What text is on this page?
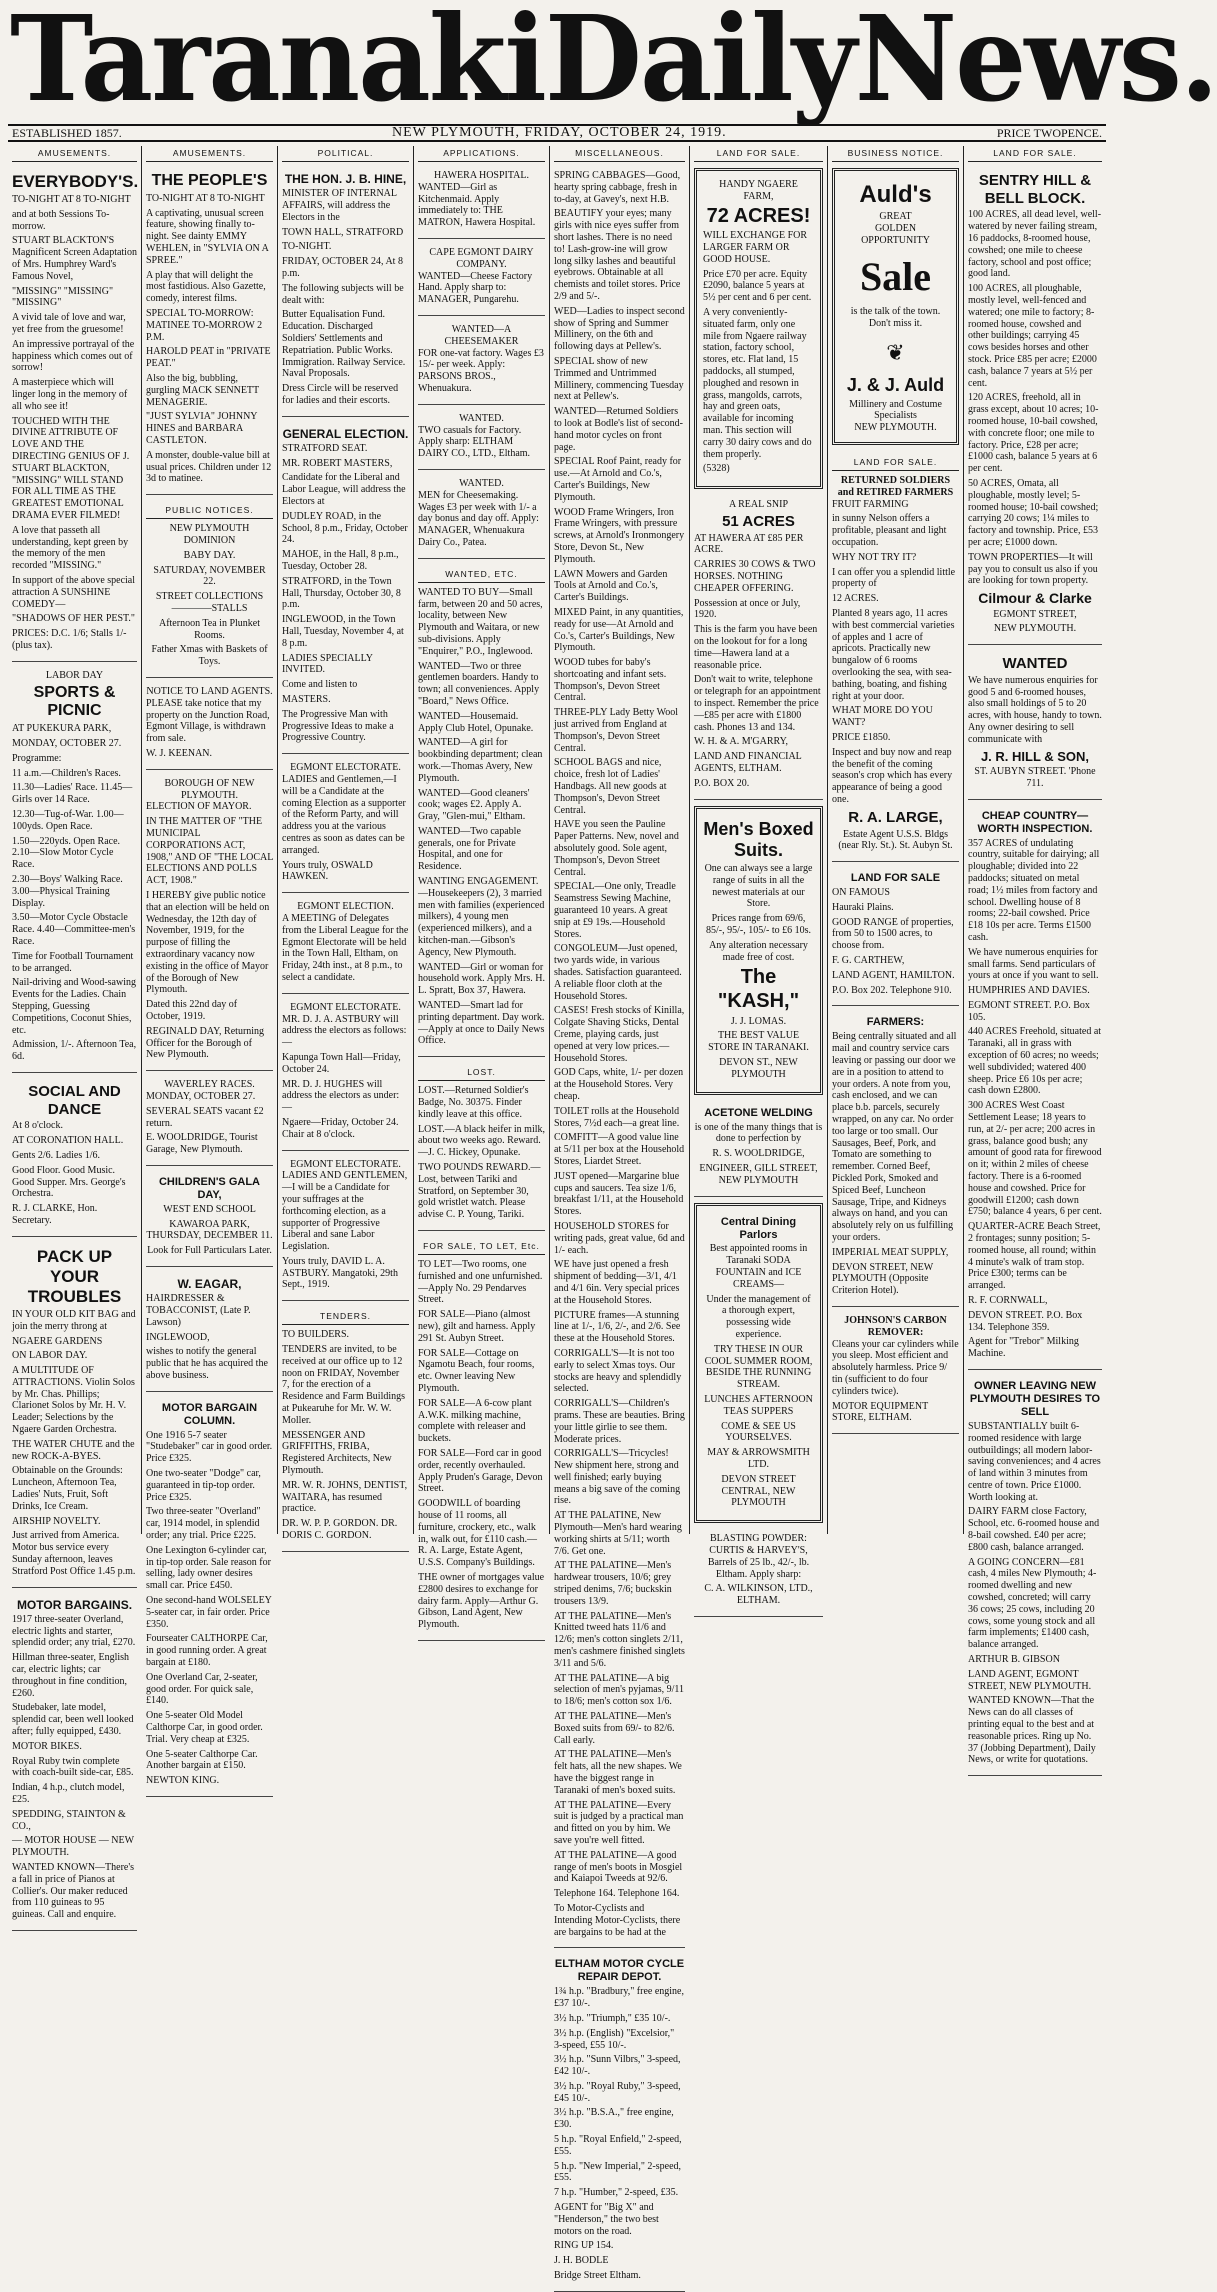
Taranaki Daily News.
ESTABLISHED 1857.	NEW PLYMOUTH, FRIDAY, OCTOBER 24, 1919.	PRICE TWOPENCE.
AMUSEMENTS.
EVERYBODY'S.

TO-NIGHT AT 8 TO-NIGHT

and at both Sessions To-morrow.

STUART BLACKTON'S Magnificent Screen Adaptation of Mrs. Humphrey Ward's Famous Novel,

"MISSING" "MISSING" "MISSING"

A vivid tale of love and war, yet free from the gruesome!

An impressive portrayal of the happiness which comes out of sorrow!

A masterpiece which will linger long in the memory of all who see it!

TOUCHED WITH THE DIVINE ATTRIBUTE OF LOVE AND THE DIRECTING GENIUS OF J. STUART BLACKTON, "MISSING" WILL STAND FOR ALL TIME AS THE GREATEST EMOTIONAL DRAMA EVER FILMED!

A love that passeth all understanding, kept green by the memory of the men recorded "MISSING."

In support of the above special attraction A SUNSHINE COMEDY—

"SHADOWS OF HER PEST."

PRICES: D.C. 1/6; Stalls 1/- (plus tax).

LABOR DAY
SPORTS & PICNIC

AT PUKEKURA PARK,

MONDAY, OCTOBER 27.

Programme:

11 a.m.—Children's Races.

11.30—Ladies' Race. 11.45—Girls over 14 Race.

12.30—Tug-of-War. 1.00—100yds. Open Race.

1.50—220yds. Open Race. 2.10—Slow Motor Cycle Race.

2.30—Boys' Walking Race. 3.00—Physical Training Display.

3.50—Motor Cycle Obstacle Race. 4.40—Committee-men's Race.

Time for Football Tournament to be arranged.

Nail-driving and Wood-sawing Events for the Ladies. Chain Stepping, Guessing Competitions, Coconut Shies, etc.

Admission, 1/-. Afternoon Tea, 6d.

SOCIAL AND DANCE

At 8 o'clock.

AT CORONATION HALL.

Gents 2/6. Ladies 1/6.

Good Floor. Good Music. Good Supper. Mrs. George's Orchestra.

R. J. CLARKE, Hon. Secretary.

PACK UP YOUR TROUBLES

IN YOUR OLD KIT BAG and join the merry throng at

NGAERE GARDENS

ON LABOR DAY.

A MULTITUDE OF ATTRACTIONS. Violin Solos by Mr. Chas. Phillips; Clarionet Solos by Mr. H. V. Leader; Selections by the Ngaere Garden Orchestra.

THE WATER CHUTE and the new ROCK-A-BYES.

Obtainable on the Grounds: Luncheon, Afternoon Tea, Ladies' Nuts, Fruit, Soft Drinks, Ice Cream.

AIRSHIP NOVELTY.

Just arrived from America. Motor bus service every Sunday afternoon, leaves Stratford Post Office 1.45 p.m.

MOTOR BARGAINS.

1917 three-seater Overland, electric lights and starter, splendid order; any trial, £270.

Hillman three-seater, English car, electric lights; car throughout in fine condition, £260.

Studebaker, late model, splendid car, been well looked after; fully equipped, £430.

MOTOR BIKES.

Royal Ruby twin complete with coach-built side-car, £85.

Indian, 4 h.p., clutch model, £25.

SPEDDING, STAINTON & CO.,

— MOTOR HOUSE — NEW PLYMOUTH.

WANTED KNOWN—There's a fall in price of Pianos at Collier's. Our maker reduced from 110 guineas to 95 guineas. Call and enquire.

AMUSEMENTS.
THE PEOPLE'S

TO-NIGHT AT 8 TO-NIGHT

A captivating, unusual screen feature, showing finally to-night. See dainty EMMY WEHLEN, in "SYLVIA ON A SPREE."

A play that will delight the most fastidious. Also Gazette, comedy, interest films.

SPECIAL TO-MORROW: MATINEE TO-MORROW 2 P.M.

HAROLD PEAT in "PRIVATE PEAT."

Also the big, bubbling, gurgling MACK SENNETT MENAGERIE.

"JUST SYLVIA" JOHNNY HINES and BARBARA CASTLETON.

A monster, double-value bill at usual prices. Children under 12 3d to matinee.

PUBLIC NOTICES.

NEW PLYMOUTH DOMINION

BABY DAY.

SATURDAY, NOVEMBER 22.

STREET COLLECTIONS————STALLS

Afternoon Tea in Plunket Rooms.

Father Xmas with Baskets of Toys.

NOTICE TO LAND AGENTS.

PLEASE take notice that my property on the Junction Road, Egmont Village, is withdrawn from sale.

W. J. KEENAN.

BOROUGH OF NEW PLYMOUTH.

ELECTION OF MAYOR.

IN THE MATTER OF "THE MUNICIPAL CORPORATIONS ACT, 1908," AND OF "THE LOCAL ELECTIONS AND POLLS ACT, 1908."

I HEREBY give public notice that an election will be held on Wednesday, the 12th day of November, 1919, for the purpose of filling the extraordinary vacancy now existing in the office of Mayor of the Borough of New Plymouth.

Dated this 22nd day of October, 1919.

REGINALD DAY, Returning Officer for the Borough of New Plymouth.

WAVERLEY RACES.

MONDAY, OCTOBER 27.

SEVERAL SEATS vacant £2 return.

E. WOOLDRIDGE, Tourist Garage, New Plymouth.

CHILDREN'S GALA DAY,

WEST END SCHOOL

KAWAROA PARK, THURSDAY, DECEMBER 11.

Look for Full Particulars Later.

W. EAGAR,

HAIRDRESSER & TOBACCONIST, (Late P. Lawson)

INGLEWOOD,

wishes to notify the general public that he has acquired the above business.

MOTOR BARGAIN COLUMN.

One 1916 5-7 seater "Studebaker" car in good order. Price £325.

One two-seater "Dodge" car, guaranteed in tip-top order. Price £325.

Two three-seater "Overland" car, 1914 model, in splendid order; any trial. Price £225.

One Lexington 6-cylinder car, in tip-top order. Sale reason for selling, lady owner desires small car. Price £450.

One second-hand WOLSELEY 5-seater car, in fair order. Price £350.

Fourseater CALTHORPE Car, in good running order. A great bargain at £180.

One Overland Car, 2-seater, good order. For quick sale, £140.

One 5-seater Old Model Calthorpe Car, in good order. Trial. Very cheap at £325.

One 5-seater Calthorpe Car. Another bargain at £150.

NEWTON KING.

POLITICAL.
THE HON. J. B. HINE,

MINISTER OF INTERNAL AFFAIRS, will address the Electors in the

TOWN HALL, STRATFORD

TO-NIGHT.

FRIDAY, OCTOBER 24, At 8 p.m.

The following subjects will be dealt with:

Butter Equalisation Fund. Education. Discharged Soldiers' Settlements and Repatriation. Public Works. Immigration. Railway Service. Naval Proposals.

Dress Circle will be reserved for ladies and their escorts.

GENERAL ELECTION.

STRATFORD SEAT.

MR. ROBERT MASTERS,

Candidate for the Liberal and Labor League, will address the Electors at

DUDLEY ROAD, in the School, 8 p.m., Friday, October 24.

MAHOE, in the Hall, 8 p.m., Tuesday, October 28.

STRATFORD, in the Town Hall, Thursday, October 30, 8 p.m.

INGLEWOOD, in the Town Hall, Tuesday, November 4, at 8 p.m.

LADIES SPECIALLY INVITED.

Come and listen to

MASTERS.

The Progressive Man with Progressive Ideas to make a Progressive Country.

EGMONT ELECTORATE.

LADIES and Gentlemen,—I will be a Candidate at the coming Election as a supporter of the Reform Party, and will address you at the various centres as soon as dates can be arranged.

Yours truly, OSWALD HAWKEN.

EGMONT ELECTION.

A MEETING of Delegates from the Liberal League for the Egmont Electorate will be held in the Town Hall, Eltham, on Friday, 24th inst., at 8 p.m., to select a candidate.

EGMONT ELECTORATE.

MR. D. J. A. ASTBURY will address the electors as follows:—

Kapunga Town Hall—Friday, October 24.

MR. D. J. HUGHES will address the electors as under:—

Ngaere—Friday, October 24. Chair at 8 o'clock.

EGMONT ELECTORATE.

LADIES AND GENTLEMEN,—I will be a Candidate for your suffrages at the forthcoming election, as a supporter of Progressive Liberal and sane Labor Legislation.

Yours truly, DAVID L. A. ASTBURY. Mangatoki, 29th Sept., 1919.

TENDERS.

TO BUILDERS.

TENDERS are invited, to be received at our office up to 12 noon on FRIDAY, November 7, for the erection of a Residence and Farm Buildings at Pukearuhe for Mr. W. W. Moller.

MESSENGER AND GRIFFITHS, FRIBA, Registered Architects, New Plymouth.

MR. W. R. JOHNS, DENTIST, WAITARA, has resumed practice.

DR. W. P. P. GORDON. DR. DORIS C. GORDON.

APPLICATIONS.
HAWERA HOSPITAL.

WANTED—Girl as Kitchenmaid. Apply immediately to: THE MATRON, Hawera Hospital.

CAPE EGMONT DAIRY COMPANY.

WANTED—Cheese Factory Hand. Apply sharp to: MANAGER, Pungarehu.

WANTED—A CHEESEMAKER

FOR one-vat factory. Wages £3 15/- per week. Apply: PARSONS BROS., Whenuakura.

WANTED.

TWO casuals for Factory. Apply sharp: ELTHAM DAIRY CO., LTD., Eltham.

WANTED.

MEN for Cheesemaking. Wages £3 per week with 1/- a day bonus and day off. Apply: MANAGER, Whenuakura Dairy Co., Patea.

WANTED, ETC.

WANTED TO BUY—Small farm, between 20 and 50 acres, locality, between New Plymouth and Waitara, or new sub-divisions. Apply "Enquirer," P.O., Inglewood.

WANTED—Two or three gentlemen boarders. Handy to town; all conveniences. Apply "Board," News Office.

WANTED—Housemaid. Apply Club Hotel, Opunake.

WANTED—A girl for bookbinding department; clean work.—Thomas Avery, New Plymouth.

WANTED—Good cleaners' cook; wages £2. Apply A. Gray, "Glen-mui," Eltham.

WANTED—Two capable generals, one for Private Hospital, and one for Residence.

WANTING ENGAGEMENT.—Housekeepers (2), 3 married men with families (experienced milkers), 4 young men (experienced milkers), and a kitchen-man.—Gibson's Agency, New Plymouth.

WANTED—Girl or woman for household work. Apply Mrs. H. L. Spratt, Box 37, Hawera.

WANTED—Smart lad for printing department. Day work.—Apply at once to Daily News Office.

LOST.

LOST.—Returned Soldier's Badge, No. 30375. Finder kindly leave at this office.

LOST.—A black heifer in milk, about two weeks ago. Reward.—J. C. Hickey, Opunake.

TWO POUNDS REWARD.—Lost, between Tariki and Stratford, on September 30, gold wristlet watch. Please advise C. P. Young, Tariki.

FOR SALE, TO LET, Etc.

TO LET—Two rooms, one furnished and one unfurnished.—Apply No. 29 Pendarves Street.

FOR SALE—Piano (almost new), gilt and harness. Apply 291 St. Aubyn Street.

FOR SALE—Cottage on Ngamotu Beach, four rooms, etc. Owner leaving New Plymouth.

FOR SALE—A 6-cow plant A.W.K. milking machine, complete with releaser and buckets.

FOR SALE—Ford car in good order, recently overhauled. Apply Pruden's Garage, Devon Street.

GOODWILL of boarding house of 11 rooms, all furniture, crockery, etc., walk in, walk out, for £110 cash.—R. A. Large, Estate Agent, U.S.S. Company's Buildings.

THE owner of mortgages value £2800 desires to exchange for dairy farm. Apply—Arthur G. Gibson, Land Agent, New Plymouth.

MISCELLANEOUS.

SPRING CABBAGES—Good, hearty spring cabbage, fresh in to-day, at Gavey's, next H.B.

BEAUTIFY your eyes; many girls with nice eyes suffer from short lashes. There is no need to! Lash-grow-ine will grow long silky lashes and beautiful eyebrows. Obtainable at all chemists and toilet stores. Price 2/9 and 5/-.

WED—Ladies to inspect second show of Spring and Summer Millinery, on the 6th and following days at Pellew's.

SPECIAL show of new Trimmed and Untrimmed Millinery, commencing Tuesday next at Pellew's.

WANTED—Returned Soldiers to look at Bodle's list of second-hand motor cycles on front page.

SPECIAL Roof Paint, ready for use.—At Arnold and Co.'s, Carter's Buildings, New Plymouth.

WOOD Frame Wringers, Iron Frame Wringers, with pressure screws, at Arnold's Ironmongery Store, Devon St., New Plymouth.

LAWN Mowers and Garden Tools at Arnold and Co.'s, Carter's Buildings.

MIXED Paint, in any quantities, ready for use—At Arnold and Co.'s, Carter's Buildings, New Plymouth.

WOOD tubes for baby's shortcoating and infant sets. Thompson's, Devon Street Central.

THREE-PLY Lady Betty Wool just arrived from England at Thompson's, Devon Street Central.

SCHOOL BAGS and nice, choice, fresh lot of Ladies' Handbags. All new goods at Thompson's, Devon Street Central.

HAVE you seen the Pauline Paper Patterns. New, novel and absolutely good. Sole agent, Thompson's, Devon Street Central.

SPECIAL—One only, Treadle Seamstress Sewing Machine, guaranteed 10 years. A great snip at £9 19s.—Household Stores.

CONGOLEUM—Just opened, two yards wide, in various shades. Satisfaction guaranteed. A reliable floor cloth at the Household Stores.

CASES! Fresh stocks of Kinilla, Colgate Shaving Sticks, Dental Creme, playing cards, just opened at very low prices.—Household Stores.

GOD Caps, white, 1/- per dozen at the Household Stores. Very cheap.

TOILET rolls at the Household Stores, 7½d each—a great line.

COMFITT—A good value line at 5/11 per box at the Household Stores, Liardet Street.

JUST opened—Margarine blue cups and saucers. Tea size 1/6, breakfast 1/11, at the Household Stores.

HOUSEHOLD STORES for writing pads, great value, 6d and 1/- each.

WE have just opened a fresh shipment of bedding—3/1, 4/1 and 4/1 6in. Very special prices at the Household Stores.

PICTURE frames—A stunning line at 1/-, 1/6, 2/-, and 2/6. See these at the Household Stores.

CORRIGALL'S—It is not too early to select Xmas toys. Our stocks are heavy and splendidly selected.

CORRIGALL'S—Children's prams. These are beauties. Bring your little girlie to see them. Moderate prices.

CORRIGALL'S—Tricycles! New shipment here, strong and well finished; early buying means a big save of the coming rise.

AT THE PALATINE, New Plymouth—Men's hard wearing working shirts at 5/11; worth 7/6. Get one.

AT THE PALATINE—Men's hardwear trousers, 10/6; grey striped denims, 7/6; buckskin trousers 13/9.

AT THE PALATINE—Men's Knitted tweed hats 11/6 and 12/6; men's cotton singlets 2/11, men's cashmere finished singlets 3/11 and 5/6.

AT THE PALATINE—A big selection of men's pyjamas, 9/11 to 18/6; men's cotton sox 1/6.

AT THE PALATINE—Men's Boxed suits from 69/- to 82/6. Call early.

AT THE PALATINE—Men's felt hats, all the new shapes. We have the biggest range in Taranaki of men's boxed suits.

AT THE PALATINE—Every suit is judged by a practical man and fitted on you by him. We save you're well fitted.

AT THE PALATINE—A good range of men's boots in Mosgiel and Kaiapoi Tweeds at 92/6.

Telephone 164. Telephone 164.

To Motor-Cyclists and Intending Motor-Cyclists, there are bargains to be had at the

ELTHAM MOTOR CYCLE REPAIR DEPOT.

1¾ h.p. "Bradbury," free engine, £37 10/-.

3½ h.p. "Triumph," £35 10/-.

3½ h.p. (English) "Excelsior," 3-speed, £55 10/-.

3½ h.p. "Sunn Vilbrs," 3-speed, £42 10/-.

3½ h.p. "Royal Ruby," 3-speed, £45 10/-.

3½ h.p. "B.S.A.," free engine, £30.

5 h.p. "Royal Enfield," 2-speed, £55.

5 h.p. "New Imperial," 2-speed, £55.

7 h.p. "Humber," 2-speed, £35.

AGENT for "Big X" and "Henderson," the two best motors on the road.

RING UP 154.

J. H. BODLE

Bridge Street Eltham.

LAND FOR SALE.
HANDY NGAERE FARM,
72 ACRES!

WILL EXCHANGE FOR LARGER FARM OR GOOD HOUSE.

Price £70 per acre. Equity £2090, balance 5 years at 5½ per cent and 6 per cent.

A very conveniently-situated farm, only one mile from Ngaere railway station, factory school, stores, etc. Flat land, 15 paddocks, all stumped, ploughed and resown in grass, mangolds, carrots, hay and green oats, available for incoming man. This section will carry 30 dairy cows and do them properly.

(5328)

A REAL SNIP
51 ACRES

AT HAWERA AT £85 PER ACRE.

CARRIES 30 COWS & TWO HORSES. NOTHING CHEAPER OFFERING.

Possession at once or July, 1920.

This is the farm you have been on the lookout for for a long time—Hawera land at a reasonable price.

Don't wait to write, telephone or telegraph for an appointment to inspect. Remember the price—£85 per acre with £1800 cash. Phones 13 and 134.

W. H. & A. M'GARRY,

LAND AND FINANCIAL AGENTS, ELTHAM.

P.O. BOX 20.

Men's Boxed Suits.

One can always see a large range of suits in all the newest materials at our Store.

Prices range from 69/6, 85/-, 95/-, 105/- to £6 10s.

Any alteration necessary made free of cost.

The "KASH,"

J. J. LOMAS.

THE BEST VALUE STORE IN TARANAKI.

DEVON ST., NEW PLYMOUTH

ACETONE WELDING

is one of the many things that is done to perfection by

R. S. WOOLDRIDGE,

ENGINEER, GILL STREET, NEW PLYMOUTH

Central Dining Parlors

Best appointed rooms in Taranaki SODA FOUNTAIN and ICE CREAMS—

Under the management of a thorough expert, possessing wide experience.

TRY THESE IN OUR COOL SUMMER ROOM, BESIDE THE RUNNING STREAM.

LUNCHES AFTERNOON TEAS SUPPERS

COME & SEE US YOURSELVES.

MAY & ARROWSMITH LTD.

DEVON STREET CENTRAL, NEW PLYMOUTH

BLASTING POWDER:

CURTIS & HARVEY'S, Barrels of 25 lb., 42/-, lb. Eltham. Apply sharp:

C. A. WILKINSON, LTD., ELTHAM.

BUSINESS NOTICE.
Auld's
GREAT
GOLDEN
OPPORTUNITY
Sale
is the talk of the town.
Don't miss it.
❦
J. & J. Auld
Millinery and Costume Specialists
NEW PLYMOUTH.
LAND FOR SALE.
RETURNED SOLDIERS and RETIRED FARMERS

FRUIT FARMING

in sunny Nelson offers a profitable, pleasant and light occupation.

WHY NOT TRY IT?

I can offer you a splendid little property of

12 ACRES.

Planted 8 years ago, 11 acres with best commercial varieties of apples and 1 acre of apricots. Practically new bungalow of 6 rooms overlooking the sea, with sea-bathing, boating, and fishing right at your door.

WHAT MORE DO YOU WANT?

PRICE £1850.

Inspect and buy now and reap the benefit of the coming season's crop which has every appearance of being a good one.

R. A. LARGE,

Estate Agent U.S.S. Bldgs (near Rly. St.). St. Aubyn St.

LAND FOR SALE

ON FAMOUS

Hauraki Plains.

GOOD RANGE of properties, from 50 to 1500 acres, to choose from.

F. G. CARTHEW,

LAND AGENT, HAMILTON.

P.O. Box 202. Telephone 910.

FARMERS:

Being centrally situated and all mail and country service cars leaving or passing our door we are in a position to attend to your orders. A note from you, cash enclosed, and we can place b.b. parcels, securely wrapped, on any car. No order too large or too small. Our Sausages, Beef, Pork, and Tomato are something to remember. Corned Beef, Pickled Pork, Smoked and Spiced Beef, Luncheon Sausage, Tripe, and Kidneys always on hand, and you can absolutely rely on us fulfilling your orders.

IMPERIAL MEAT SUPPLY,

DEVON STREET, NEW PLYMOUTH (Opposite Criterion Hotel).

JOHNSON'S CARBON REMOVER:

Cleans your car cylinders while you sleep. Most efficient and absolutely harmless. Price 9/ tin (sufficient to do four cylinders twice).

MOTOR EQUIPMENT STORE, ELTHAM.

LAND FOR SALE.
SENTRY HILL & BELL BLOCK.

100 ACRES, all dead level, well-watered by never failing stream, 16 paddocks, 8-roomed house, cowshed; one mile to cheese factory, school and post office; good land.

100 ACRES, all ploughable, mostly level, well-fenced and watered; one mile to factory; 8-roomed house, cowshed and other buildings; carrying 45 cows besides horses and other stock. Price £85 per acre; £2000 cash, balance 7 years at 5½ per cent.

120 ACRES, freehold, all in grass except, about 10 acres; 10-roomed house, 10-bail cowshed, with concrete floor; one mile to factory. Price, £28 per acre; £1000 cash, balance 5 years at 6 per cent.

50 ACRES, Omata, all ploughable, mostly level; 5-roomed house; 10-bail cowshed; carrying 20 cows; 1¼ miles to factory and township. Price, £53 per acre; £1000 down.

TOWN PROPERTIES—It will pay you to consult us also if you are looking for town property.

Cilmour & Clarke

EGMONT STREET,

NEW PLYMOUTH.

WANTED

We have numerous enquiries for good 5 and 6-roomed houses, also small holdings of 5 to 20 acres, with house, handy to town. Any owner desiring to sell communicate with

J. R. HILL & SON,

ST. AUBYN STREET. 'Phone 711.

CHEAP COUNTRY—WORTH INSPECTION.

357 ACRES of undulating country, suitable for dairying; all ploughable; divided into 22 paddocks; situated on metal road; 1½ miles from factory and school. Dwelling house of 8 rooms; 22-bail cowshed. Price £18 10s per acre. Terms £1500 cash.

We have numerous enquiries for small farms. Send particulars of yours at once if you want to sell.

HUMPHRIES AND DAVIES.

EGMONT STREET. P.O. Box 105.

440 ACRES Freehold, situated at Taranaki, all in grass with exception of 60 acres; no weeds; well subdivided; watered 400 sheep. Price £6 10s per acre; cash down £2800.

300 ACRES West Coast Settlement Lease; 18 years to run, at 2/- per acre; 200 acres in grass, balance good bush; any amount of good rata for firewood on it; within 2 miles of cheese factory. There is a 6-roomed house and cowshed. Price for goodwill £1200; cash down £750; balance 4 years, 6 per cent.

QUARTER-ACRE Beach Street, 2 frontages; sunny position; 5-roomed house, all round; within 4 minute's walk of tram stop. Price £300; terms can be arranged.

R. F. CORNWALL,

DEVON STREET. P.O. Box 134. Telephone 359.

Agent for "Trebor" Milking Machine.

OWNER LEAVING NEW PLYMOUTH DESIRES TO SELL

SUBSTANTIALLY built 6-roomed residence with large outbuildings; all modern labor-saving conveniences; and 4 acres of land within 3 minutes from centre of town. Price £1000. Worth looking at.

DAIRY FARM close Factory, School, etc. 6-roomed house and 8-bail cowshed. £40 per acre; £800 cash, balance arranged.

A GOING CONCERN—£81 cash, 4 miles New Plymouth; 4-roomed dwelling and new cowshed, concreted; will carry 36 cows; 25 cows, including 20 cows, some young stock and all farm implements; £1400 cash, balance arranged.

ARTHUR B. GIBSON

LAND AGENT, EGMONT STREET, NEW PLYMOUTH.

WANTED KNOWN—That the News can do all classes of printing equal to the best and at reasonable prices. Ring up No. 37 (Jobbing Department), Daily News, or write for quotations.
